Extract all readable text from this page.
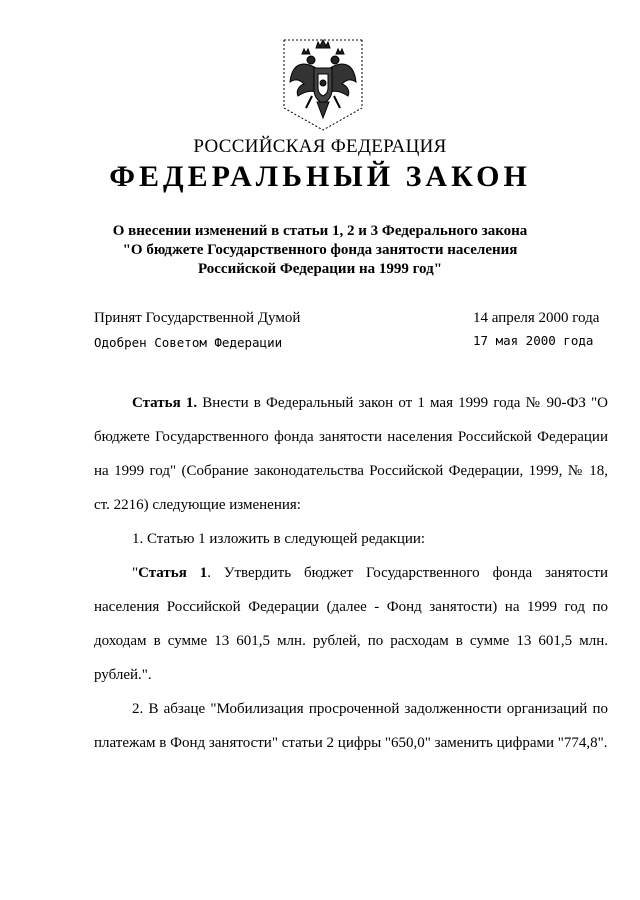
РОССИЙСКАЯ ФЕДЕРАЦИЯ
ФЕДЕРАЛЬНЫЙ ЗАКОН
О внесении изменений в статьи 1, 2 и 3 Федерального закона
"О бюджете Государственного фонда занятости населения
Российской Федерации на 1999 год"
Принят Государственной Думой	14 апреля 2000 года
Одобрен Советом Федерации	17 мая 2000 года

Статья 1. Внести в Федеральный закон от 1 мая 1999 года № 90-ФЗ "О бюджете Государственного фонда занятости населения Российской Федерации на 1999 год" (Собрание законодательства Российской Федерации, 1999, № 18, ст. 2216) следующие изменения:

1. Статью 1 изложить в следующей редакции:

"Статья 1. Утвердить бюджет Государственного фонда занятости населения Российской Федерации (далее - Фонд занятости) на 1999 год по доходам в сумме 13 601,5 млн. рублей, по расходам в сумме 13 601,5 млн. рублей.".

2. В абзаце "Мобилизация просроченной задолженности организаций по платежам в Фонд занятости" статьи 2 цифры "650,0" заменить цифрами "774,8".
